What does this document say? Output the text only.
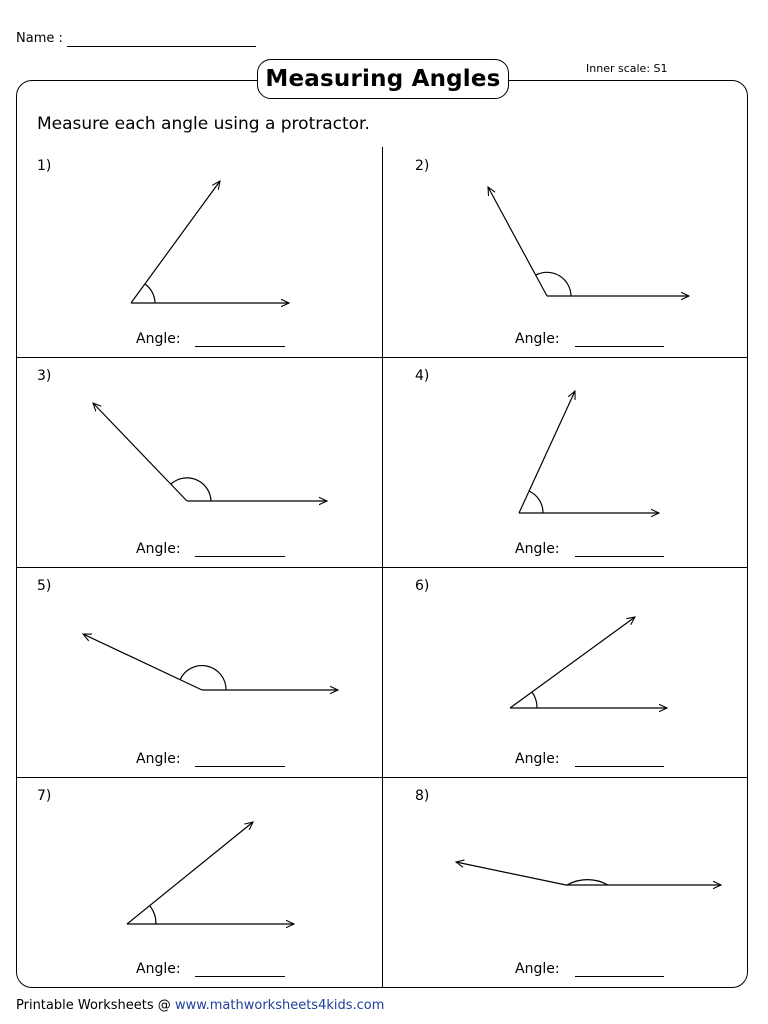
Name :
Measuring Angles	Inner scale: S1
Measure each angle using a protractor.
1)	2)
3)	4)
5)	6)
7)	8)
Angle:	Angle:
Angle:	Angle:
Angle:	Angle:
Angle:	Angle:
Printable Worksheets @ www.mathworksheets4kids.com
